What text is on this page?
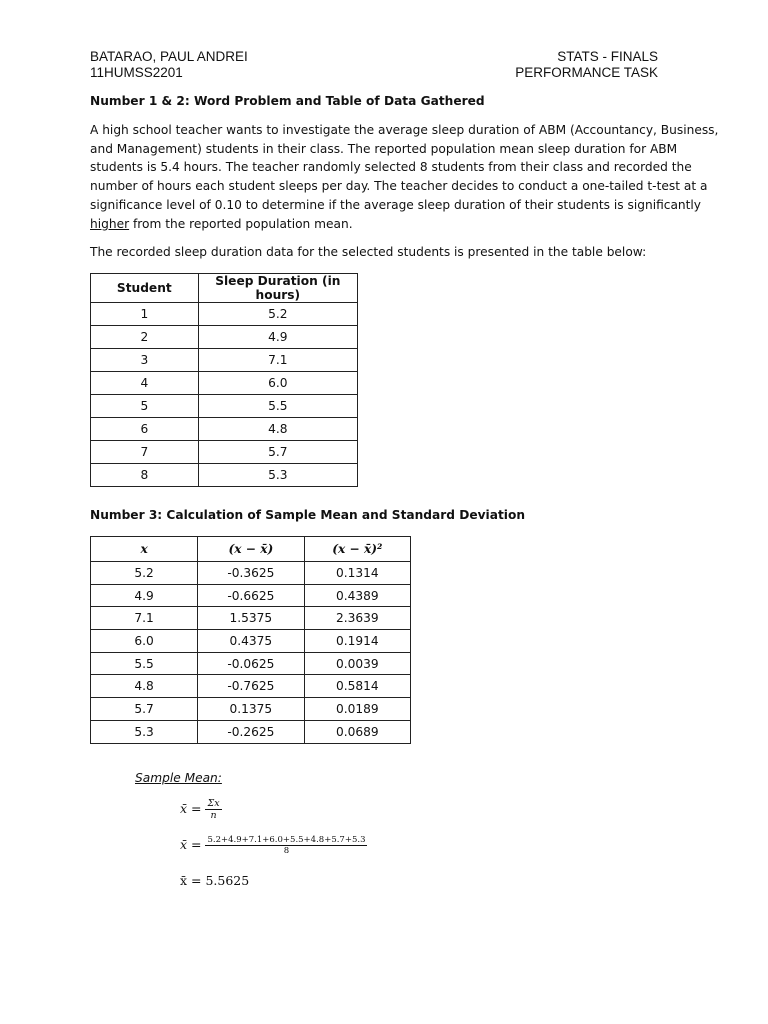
BATARAO, PAUL ANDREI
11HUMSS2201
STATS - FINALS
PERFORMANCE TASK
Number 1 & 2: Word Problem and Table of Data Gathered
A high school teacher wants to investigate the average sleep duration of ABM (Accountancy, Business,
and Management) students in their class. The reported population mean sleep duration for ABM
students is 5.4 hours. The teacher randomly selected 8 students from their class and recorded the
number of hours each student sleeps per day. The teacher decides to conduct a one-tailed t-test at a
significance level of 0.10 to determine if the average sleep duration of their students is significantly
higher from the reported population mean.
The recorded sleep duration data for the selected students is presented in the table below:
Student	Sleep Duration (in hours)
1	5.2
2	4.9
3	7.1
4	6.0
5	5.5
6	4.8
7	5.7
8	5.3
Number 3: Calculation of Sample Mean and Standard Deviation
x	(x − x̄)	(x − x̄)²
5.2	-0.3625	0.1314
4.9	-0.6625	0.4389
7.1	1.5375	2.3639
6.0	0.4375	0.1914
5.5	-0.0625	0.0039
4.8	-0.7625	0.5814
5.7	0.1375	0.0189
5.3	-0.2625	0.0689
Sample Mean:
x̄ = $\frac{\Sigma x}{n}$
x̄ = $\frac{5.2+4.9+7.1+6.0+5.5+4.8+5.7+5.3}{8}$
x̄ = 5.5625
